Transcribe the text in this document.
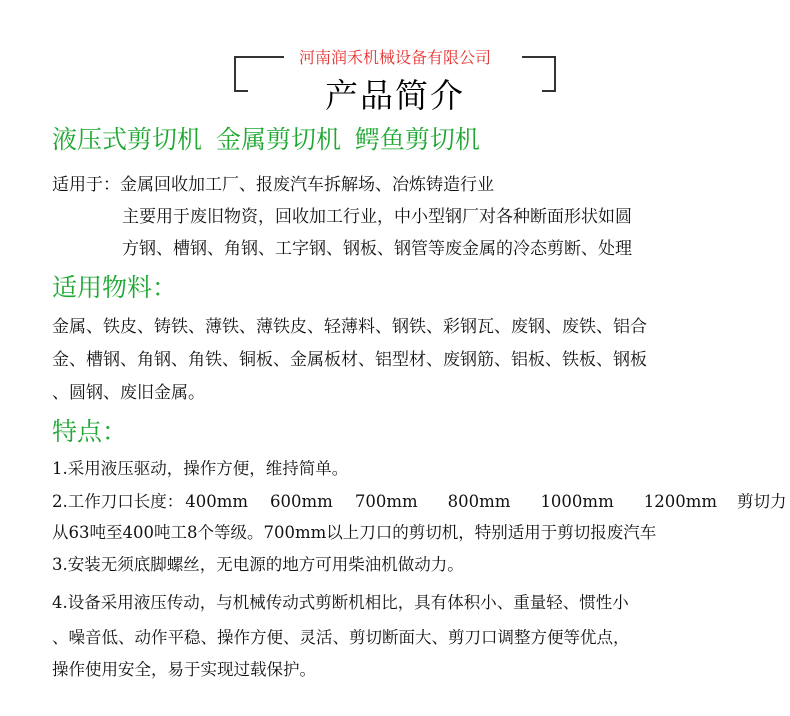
河南润禾机械设备有限公司
产品简介
液压式剪切机 金属剪切机 鳄鱼剪切机
适用于：金属回收加工厂、报废汽车拆解场、冶炼铸造行业
主要用于废旧物资，回收加工行业，中小型钢厂对各种断面形状如圆
方钢、槽钢、角钢、工字钢、钢板、钢管等废金属的冷态剪断、处理
适用物料：
金属、铁皮、铸铁、薄铁、薄铁皮、轻薄料、钢铁、彩钢瓦、废钢、废铁、铝合
金、槽钢、角钢、角铁、铜板、金属板材、铝型材、废钢筋、铝板、铁板、钢板
、圆钢、废旧金属。
特点：
1.采用液压驱动，操作方便，维持简单。
2.工作刀口长度： 400mm 600mm 700mm 800mm 1000mm 1200mm 剪切力
从63吨至400吨工8个等级。700mm以上刀口的剪切机，特别适用于剪切报废汽车
3.安装无须底脚螺丝，无电源的地方可用柴油机做动力。
4.设备采用液压传动，与机械传动式剪断机相比，具有体积小、重量轻、惯性小
、噪音低、动作平稳、操作方便、灵活、剪切断面大、剪刀口调整方便等优点，
操作使用安全，易于实现过载保护。
